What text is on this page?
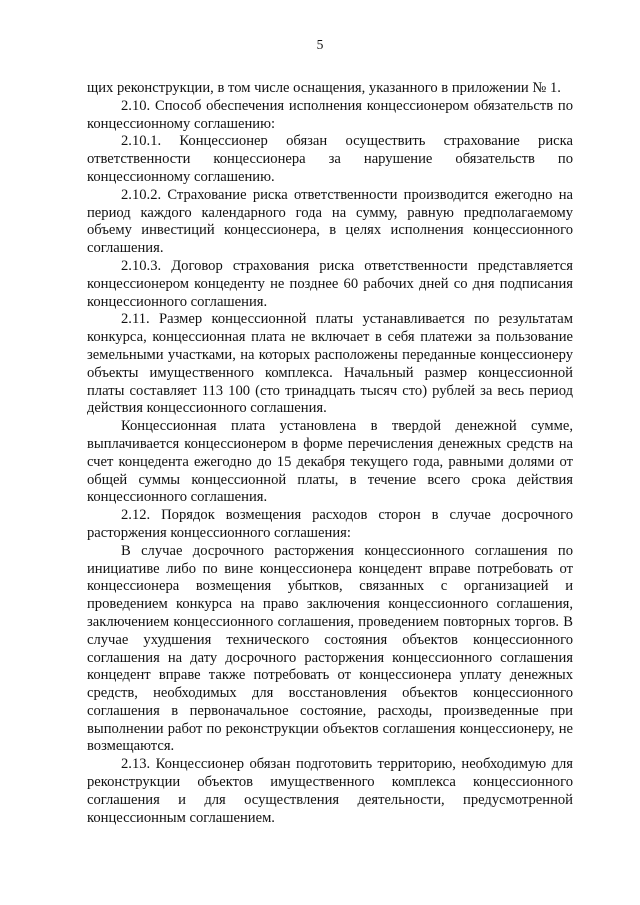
5

щих реконструкции, в том числе оснащения, указанного в приложении № 1.

2.10. Способ обеспечения исполнения концессионером обязательств по концессионному соглашению:

2.10.1. Концессионер обязан осуществить страхование риска ответственности концессионера за нарушение обязательств по концессионному соглашению.

2.10.2. Страхование риска ответственности производится ежегодно на период каждого календарного года на сумму, равную предполагаемому объему инвестиций концессионера, в целях исполнения концессионного соглашения.

2.10.3. Договор страхования риска ответственности представляется концессионером концеденту не позднее 60 рабочих дней со дня подписания концессионного соглашения.

2.11. Размер концессионной платы устанавливается по результатам конкурса, концессионная плата не включает в себя платежи за пользование земельными участками, на которых расположены переданные концессионеру объекты имущественного комплекса. Начальный размер концессионной платы составляет 113 100 (сто тринадцать тысяч сто) рублей за весь период действия концессионного соглашения.

Концессионная плата установлена в твердой денежной сумме, выплачивается концессионером в форме перечисления денежных средств на счет концедента ежегодно до 15 декабря текущего года, равными долями от общей суммы концессионной платы, в течение всего срока действия концессионного соглашения.

2.12. Порядок возмещения расходов сторон в случае досрочного расторжения концессионного соглашения:

В случае досрочного расторжения концессионного соглашения по инициативе либо по вине концессионера концедент вправе потребовать от концессионера возмещения убытков, связанных с организацией и проведением конкурса на право заключения концессионного соглашения, заключением концессионного соглашения, проведением повторных торгов. В случае ухудшения технического состояния объектов концессионного соглашения на дату досрочного расторжения концессионного соглашения концедент вправе также потребовать от концессионера уплату денежных средств, необходимых для восстановления объектов концессионного соглашения в первоначальное состояние, расходы, произведенные при выполнении работ по реконструкции объектов соглашения концессионеру, не возмещаются.

2.13. Концессионер обязан подготовить территорию, необходимую для реконструкции объектов имущественного комплекса концессионного соглашения и для осуществления деятельности, предусмотренной концессионным соглашением.
